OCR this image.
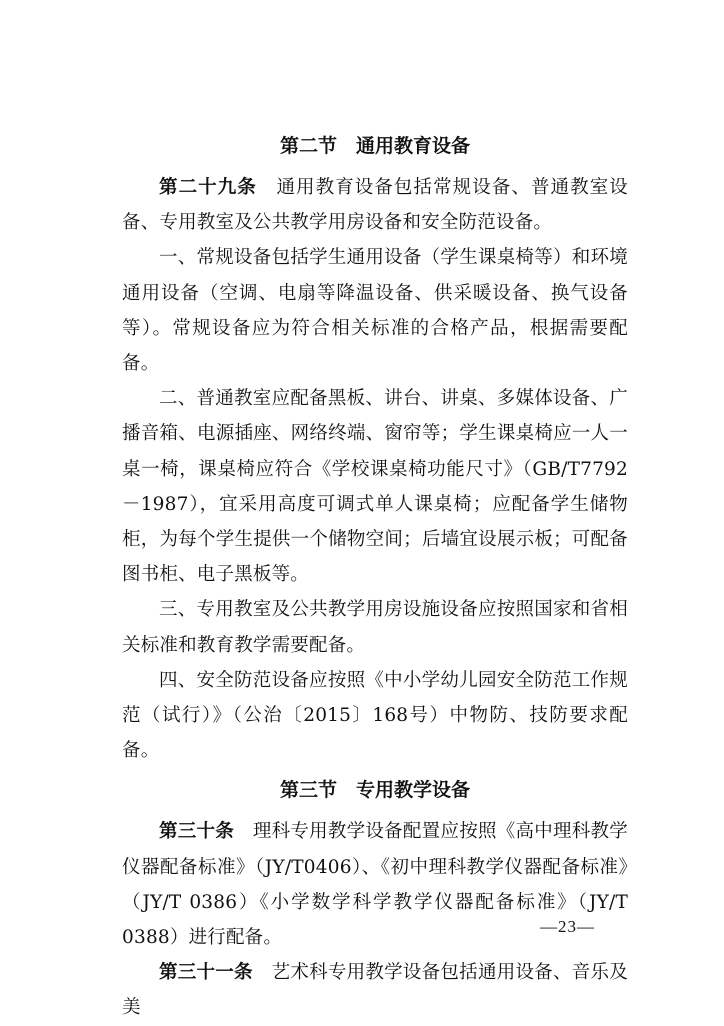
第二节　通用教育设备

第二十九条　通用教育设备包括常规设备、普通教室设备、专用教室及公共教学用房设备和安全防范设备。

一、常规设备包括学生通用设备（学生课桌椅等）和环境通用设备（空调、电扇等降温设备、供采暖设备、换气设备等）。常规设备应为符合相关标准的合格产品，根据需要配备。

二、普通教室应配备黑板、讲台、讲桌、多媒体设备、广播音箱、电源插座、网络终端、窗帘等；学生课桌椅应一人一桌一椅，课桌椅应符合《学校课桌椅功能尺寸》（GB/T7792－1987），宜采用高度可调式单人课桌椅；应配备学生储物柜，为每个学生提供一个储物空间；后墙宜设展示板；可配备图书柜、电子黑板等。

三、专用教室及公共教学用房设施设备应按照国家和省相关标准和教育教学需要配备。

四、安全防范设备应按照《中小学幼儿园安全防范工作规范（试行）》（公治〔2015〕168号）中物防、技防要求配备。

第三节　专用教学设备

第三十条　理科专用教学设备配置应按照《高中理科教学仪器配备标准》（JY/T0406）、《初中理科教学仪器配备标准》（JY/T 0386）《小学数学科学教学仪器配备标准》（JY/T 0388）进行配备。

第三十一条　艺术科专用教学设备包括通用设备、音乐及美

—23—
